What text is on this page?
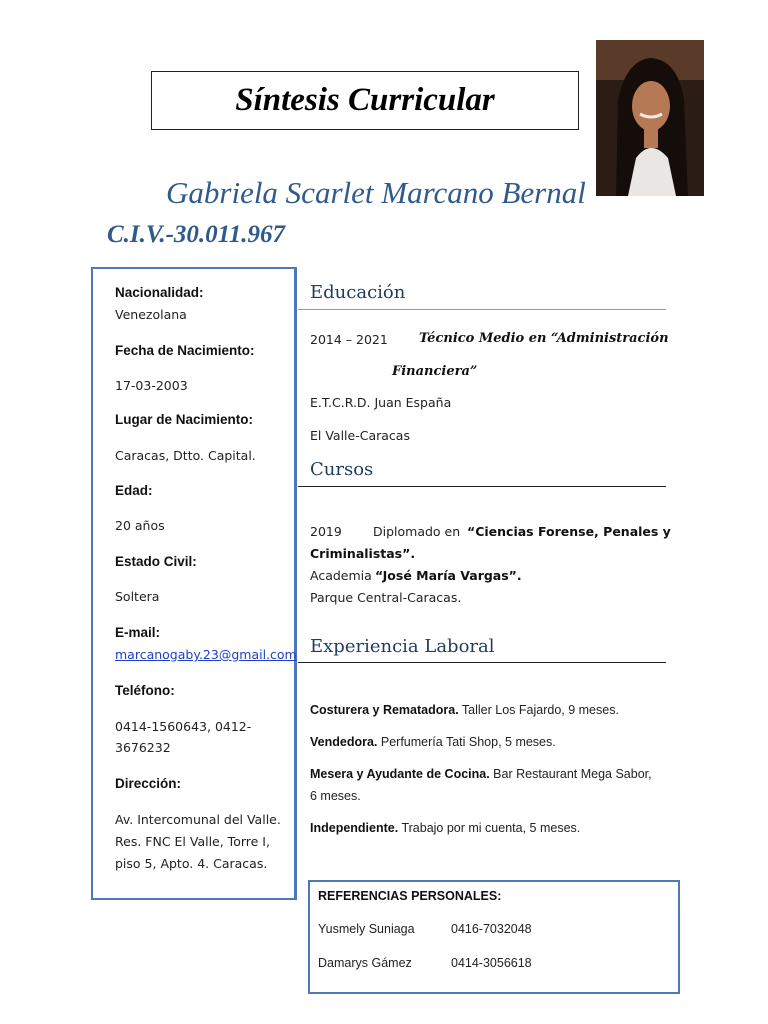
Síntesis Curricular
Gabriela Scarlet Marcano Bernal
C.I.V.-30.011.967
Nacionalidad:
Venezolana
Fecha de Nacimiento:
17-03-2003
Lugar de Nacimiento:
Caracas, Dtto. Capital.
Edad:
20 años
Estado Civil:
Soltera
E-mail:
marcanogaby.23@gmail.com
Teléfono:
0414-1560643, 0412-
3676232
Dirección:
Av. Intercomunal del Valle.
Res. FNC El Valle, Torre I,
piso 5, Apto. 4. Caracas.
Educación
2014 – 2021 Técnico Medio en “Administración
Financiera”
E.T.C.R.D. Juan España
El Valle-Caracas
Cursos
2019 Diplomado en “Ciencias Forense, Penales y
Criminalistas”.
Academia “José María Vargas”.
Parque Central-Caracas.
Experiencia Laboral
Costurera y Rematadora. Taller Los Fajardo, 9 meses.
Vendedora. Perfumería Tati Shop, 5 meses.
Mesera y Ayudante de Cocina. Bar Restaurant Mega Sabor,
6 meses.
Independiente. Trabajo por mi cuenta, 5 meses.
REFERENCIAS PERSONALES:
Yusmely Suniaga	0416-7032048
Damarys Gámez	0414-3056618
